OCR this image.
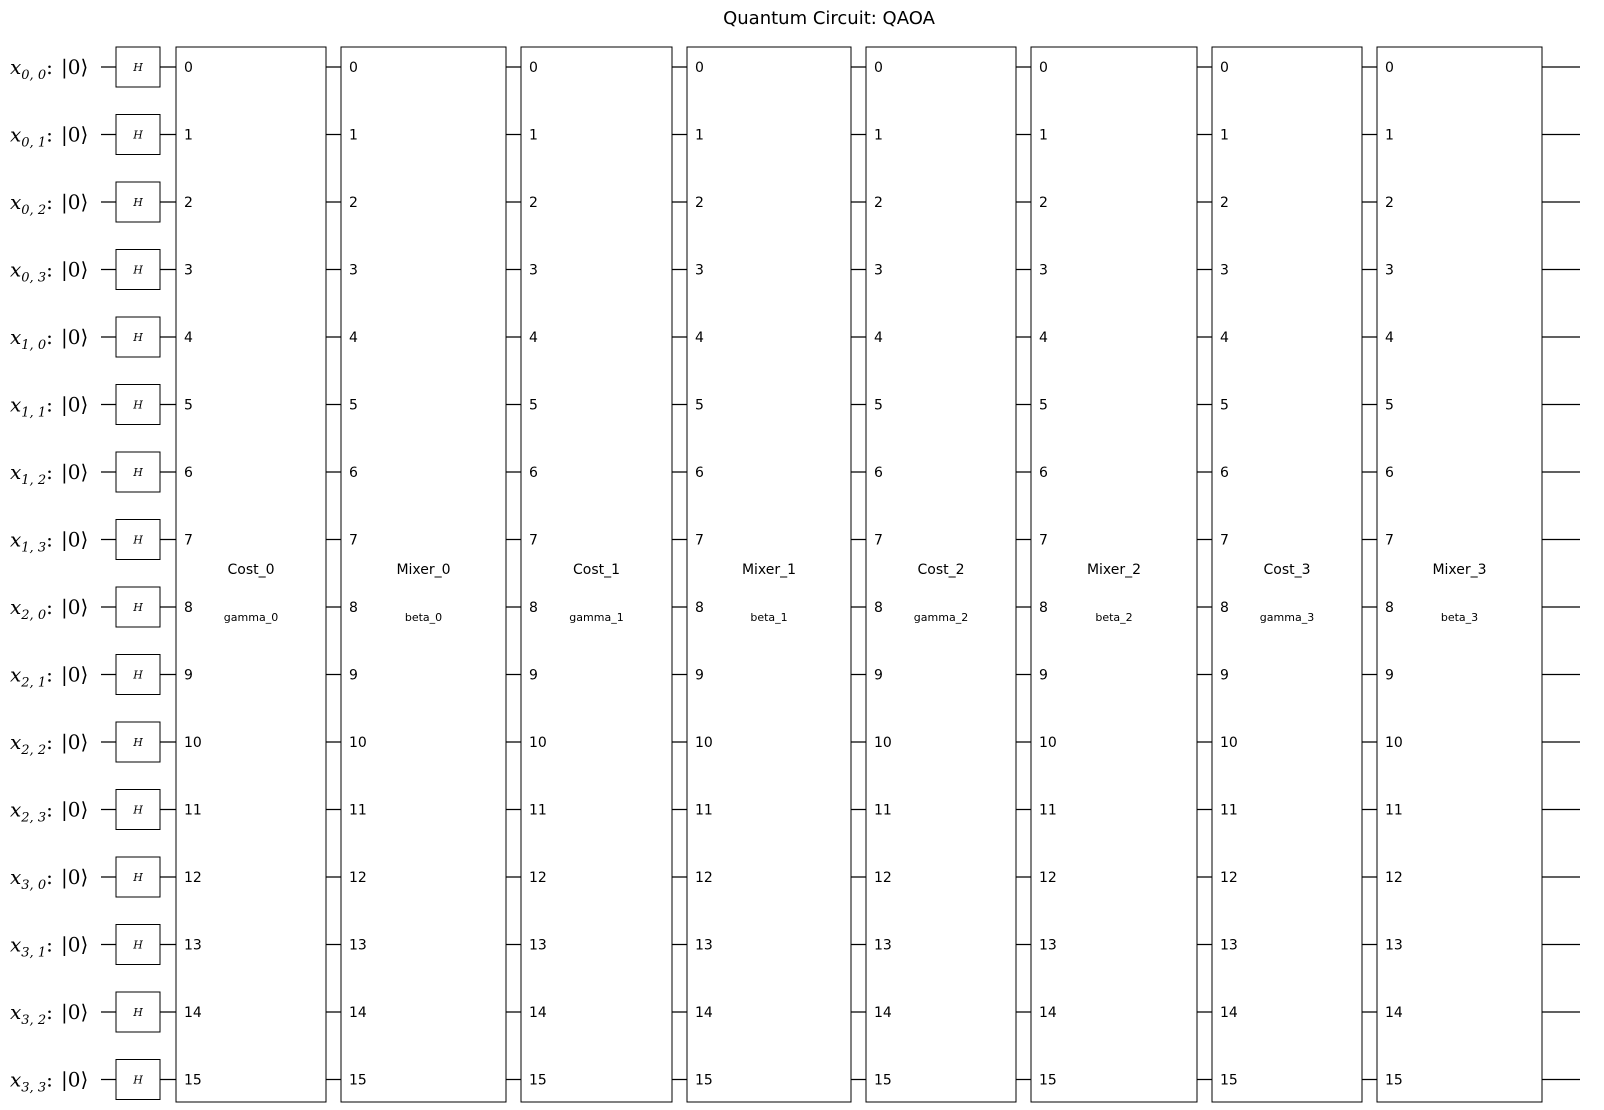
Quantum Circuit: QAOA
$x_{0, 0}$: |0⟩
$x_{0, 1}$: |0⟩
$x_{0, 2}$: |0⟩
$x_{0, 3}$: |0⟩
$x_{1, 0}$: |0⟩
$x_{1, 1}$: |0⟩
$x_{1, 2}$: |0⟩
$x_{1, 3}$: |0⟩
$x_{2, 0}$: |0⟩
$x_{2, 1}$: |0⟩
$x_{2, 2}$: |0⟩
$x_{2, 3}$: |0⟩
$x_{3, 0}$: |0⟩
$x_{3, 1}$: |0⟩
$x_{3, 2}$: |0⟩
$x_{3, 3}$: |0⟩
H
H
H
H
H
H
H
H
H
H
H
H
H
H
H
H
0
1
2
3
4
5
6
7
8
9
10
11
12
13
14
15
Cost_0
gamma_0
0
1
2
3
4
5
6
7
8
9
10
11
12
13
14
15
Mixer_0
beta_0
0
1
2
3
4
5
6
7
8
9
10
11
12
13
14
15
Cost_1
gamma_1
0
1
2
3
4
5
6
7
8
9
10
11
12
13
14
15
Mixer_1
beta_1
0
1
2
3
4
5
6
7
8
9
10
11
12
13
14
15
Cost_2
gamma_2
0
1
2
3
4
5
6
7
8
9
10
11
12
13
14
15
Mixer_2
beta_2
0
1
2
3
4
5
6
7
8
9
10
11
12
13
14
15
Cost_3
gamma_3
0
1
2
3
4
5
6
7
8
9
10
11
12
13
14
15
Mixer_3
beta_3
